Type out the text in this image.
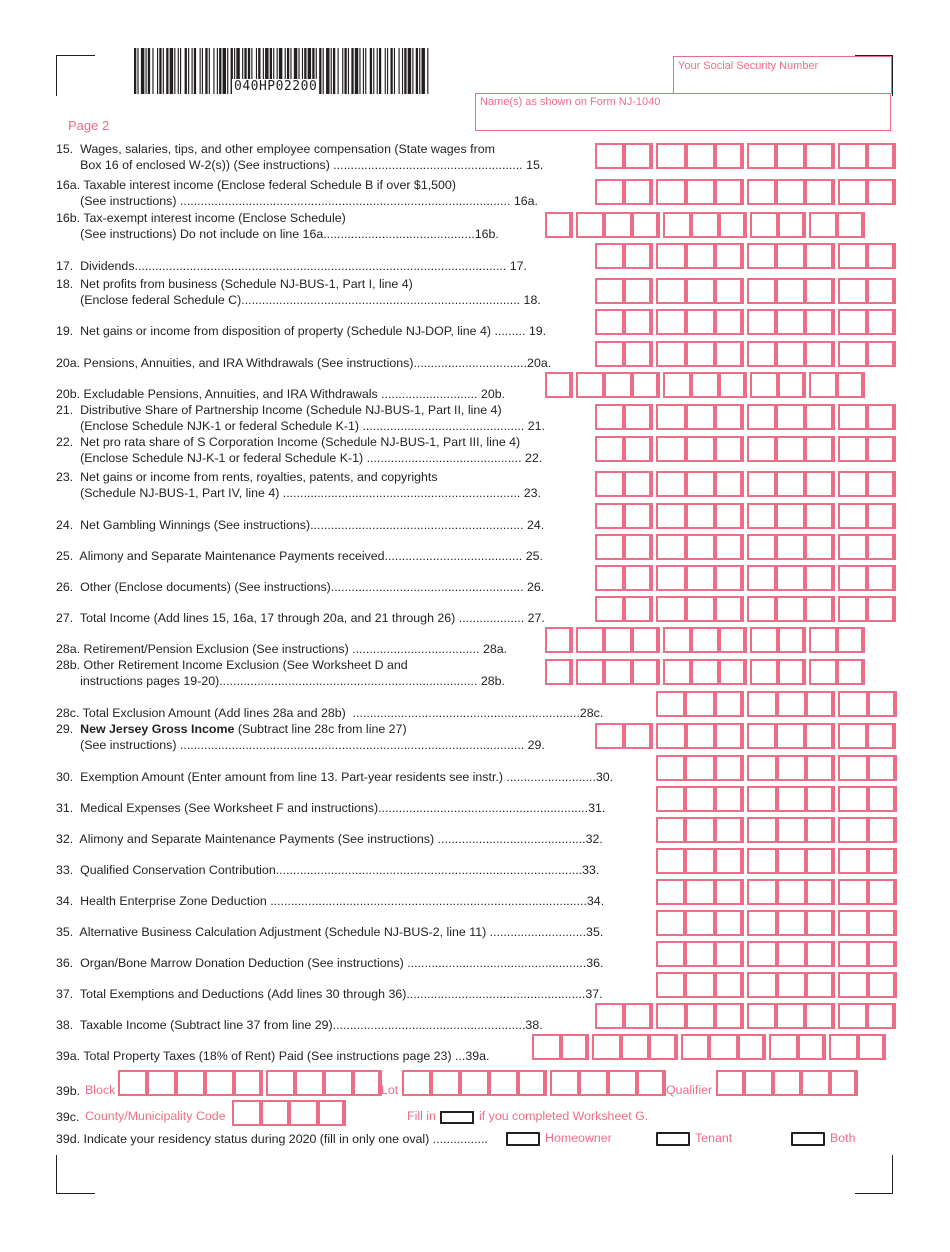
040HP02200
Your Social Security Number
Name(s) as shown on Form NJ-1040
Page 2
15.  Wages, salaries, tips, and other employee compensation (State wages from
Box 16 of enclosed W-2(s)) (See instructions) ....................................................... 15.
16a. Taxable interest income (Enclose federal Schedule B if over $1,500)
(See instructions) ................................................................................................ 16a.
16b. Tax-exempt interest income (Enclose Schedule)
(See instructions) Do not include on line 16a............................................16b.
17.  Dividends............................................................................................................ 17.
18.  Net profits from business (Schedule NJ-BUS-1, Part I, line 4)
(Enclose federal Schedule C)................................................................................. 18.
19.  Net gains or income from disposition of property (Schedule NJ-DOP, line 4) ......... 19.
20a. Pensions, Annuities, and IRA Withdrawals (See instructions).................................20a.
20b. Excludable Pensions, Annuities, and IRA Withdrawals ............................ 20b.
21.  Distributive Share of Partnership Income (Schedule NJ-BUS-1, Part II, line 4)
(Enclose Schedule NJK-1 or federal Schedule K-1) ............................................... 21.
22.  Net pro rata share of S Corporation Income (Schedule NJ-BUS-1, Part III, line 4)
(Enclose Schedule NJ-K-1 or federal Schedule K-1) ............................................. 22.
23.  Net gains or income from rents, royalties, patents, and copyrights
(Schedule NJ-BUS-1, Part IV, line 4) ..................................................................... 23.
24.  Net Gambling Winnings (See instructions).............................................................. 24.
25.  Alimony and Separate Maintenance Payments received........................................ 25.
26.  Other (Enclose documents) (See instructions)........................................................ 26.
27.  Total Income (Add lines 15, 16a, 17 through 20a, and 21 through 26) ................... 27.
28a. Retirement/Pension Exclusion (See instructions) ..................................... 28a.
28b. Other Retirement Income Exclusion (See Worksheet D and
instructions pages 19-20)........................................................................... 28b.
28c. Total Exclusion Amount (Add lines 28a and 28b)  ..................................................................28c.
29.  New Jersey Gross Income (Subtract line 28c from line 27)
(See instructions) .................................................................................................... 29.
30.  Exemption Amount (Enter amount from line 13. Part-year residents see instr.) ..........................30.
31.  Medical Expenses (See Worksheet F and instructions).............................................................31.
32.  Alimony and Separate Maintenance Payments (See instructions) ...........................................32.
33.  Qualified Conservation Contribution.........................................................................................33.
34.  Health Enterprise Zone Deduction ............................................................................................34.
35.  Alternative Business Calculation Adjustment (Schedule NJ-BUS-2, line 11) ............................35.
36.  Organ/Bone Marrow Donation Deduction (See instructions) ....................................................36.
37.  Total Exemptions and Deductions (Add lines 30 through 36)....................................................37.
38.  Taxable Income (Subtract line 37 from line 29)........................................................38.
39a. Total Property Taxes (18% of Rent) Paid (See instructions page 23) ...39a.
39b. Block	Lot	Qualifier
39c. County/Municipality Code	Fill in	if you completed Worksheet G.
39d. Indicate your residency status during 2020 (fill in only one oval) ................	Homeowner	Tenant	Both
